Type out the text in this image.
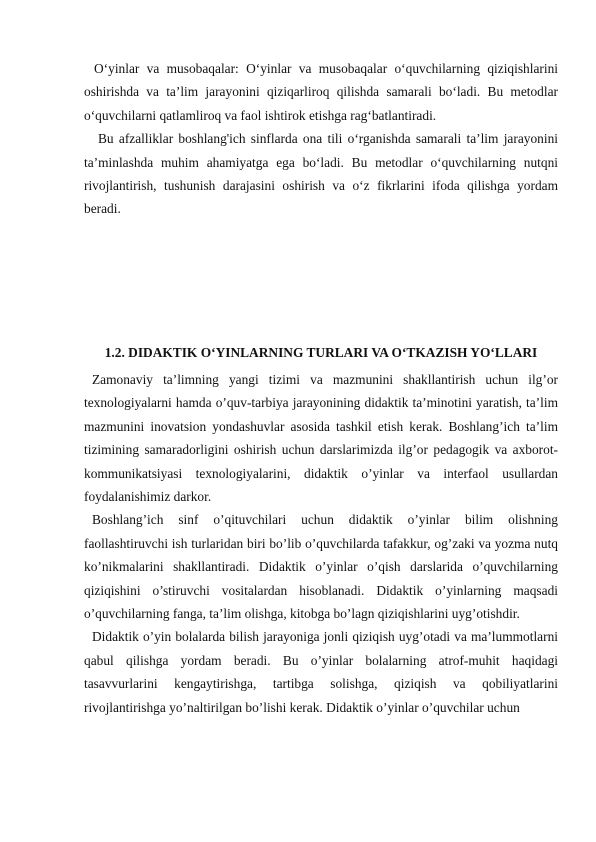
O‘yinlar va musobaqalar: O‘yinlar va musobaqalar o‘quvchilarning qiziqishlarini oshirishda va ta’lim jarayonini qiziqarliroq qilishda samarali bo‘ladi. Bu metodlar o‘quvchilarni qatlamliroq va faol ishtirok etishga rag‘batlantiradi.

Bu afzalliklar boshlang'ich sinflarda ona tili o‘rganishda samarali ta’lim jarayonini ta’minlashda muhim ahamiyatga ega bo‘ladi. Bu metodlar o‘quvchilarning nutqni rivojlantirish, tushunish darajasini oshirish va o‘z fikrlarini ifoda qilishga yordam beradi.

1.2. DIDAKTIK O‘YINLARNING TURLARI VA O‘TKAZISH YO‘LLARI

Zamonaviy ta’limning yangi tizimi va mazmunini shakllantirish uchun ilg’or texnologiyalarni hamda o’quv-tarbiya jarayonining didaktik ta’minotini yaratish, ta’lim mazmunini inovatsion yondashuvlar asosida tashkil etish kerak. Boshlang’ich ta’lim tizimining samaradorligini oshirish uchun darslarimizda ilg’or pedagogik va axborot-kommunikatsiyasi texnologiyalarini, didaktik o’yinlar va interfaol usullardan foydalanishimiz darkor.

Boshlang’ich sinf o’qituvchilari uchun didaktik o’yinlar bilim olishning faollashtiruvchi ish turlaridan biri bo’lib o’quvchilarda tafakkur, og’zaki va yozma nutq ko’nikmalarini shakllantiradi. Didaktik o’yinlar o’qish darslarida o’quvchilarning qiziqishini o’stiruvchi vositalardan hisoblanadi. Didaktik o’yinlarning maqsadi o’quvchilarning fanga, ta’lim olishga, kitobga bo’lagn qiziqishlarini uyg’otishdir.

Didaktik o’yin bolalarda bilish jarayoniga jonli qiziqish uyg’otadi va ma’lummotlarni qabul qilishga yordam beradi. Bu o’yinlar bolalarning atrof-muhit haqidagi tasavvurlarini kengaytirishga, tartibga solishga, qiziqish va qobiliyatlarini rivojlantirishga yo’naltirilgan bo’lishi kerak. Didaktik o’yinlar o’quvchilar uchun
